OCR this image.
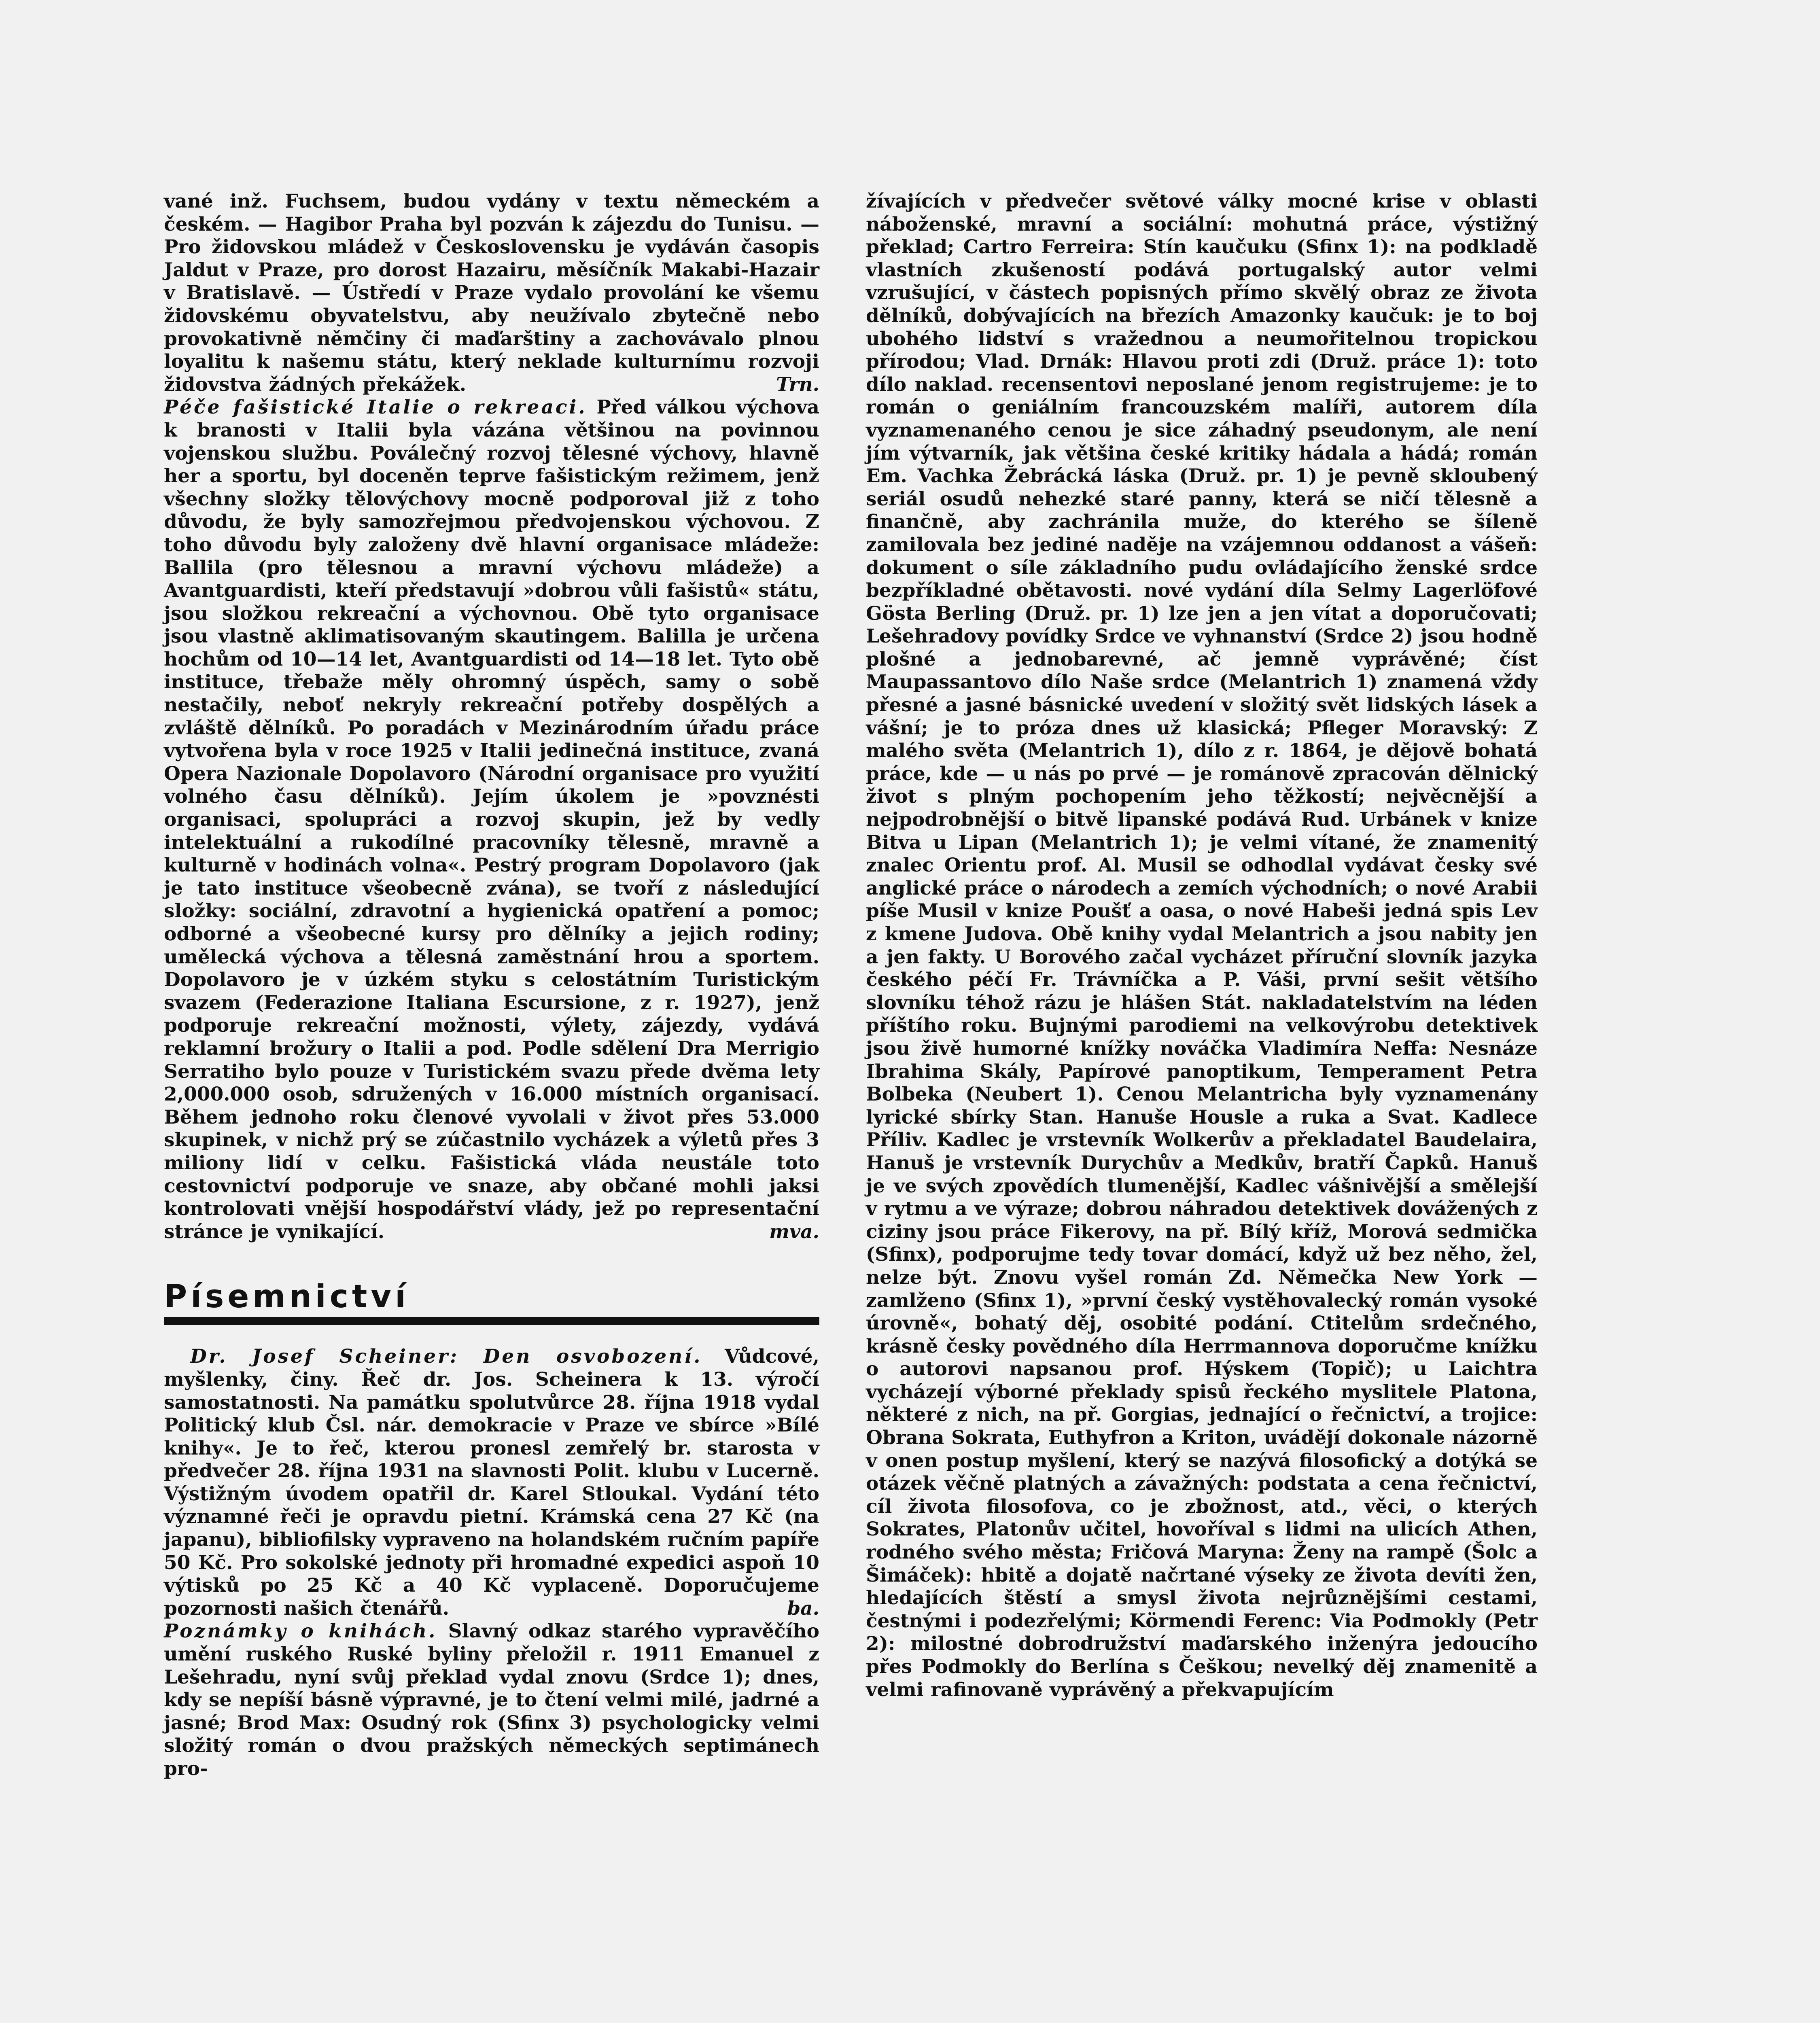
vané inž. Fuchsem, budou vydány v textu německém a českém. — Hagibor Praha byl pozván k zájezdu do Tunisu. — Pro židovskou mládež v Československu je vydáván časopis Jaldut v Praze, pro dorost Hazairu, měsíčník Makabi-Hazair v Bratislavě. — Ústředí v Praze vydalo provolání ke všemu židovskému obyvatelstvu, aby neužívalo zbytečně nebo provokativně němčiny či maďarštiny a zachovávalo plnou loyalitu k našemu státu, který neklade kulturnímu rozvoji židovstva žádných překážek.	Trn.

Péče fašistické Italie o rekreaci. Před válkou výchova k branosti v Italii byla vázána většinou na povinnou vojenskou službu. Poválečný rozvoj tělesné výchovy, hlavně her a sportu, byl doceněn teprve fašistickým režimem, jenž všechny složky tělovýchovy mocně podporoval již z toho důvodu, že byly samozřejmou předvojenskou výchovou. Z toho důvodu byly založeny dvě hlavní organisace mládeže: Ballila (pro tělesnou a mravní výchovu mládeže) a Avantguardisti, kteří představují »dobrou vůli fašistů« státu, jsou složkou rekreační a výchovnou. Obě tyto organisace jsou vlastně aklimatisovaným skautingem. Balilla je určena hochům od 10—14 let, Avantguardisti od 14—18 let. Tyto obě instituce, třebaže měly ohromný úspěch, samy o sobě nestačily, neboť nekryly rekreační potřeby dospělých a zvláště dělníků. Po poradách v Mezinárodním úřadu práce vytvořena byla v roce 1925 v Italii jedinečná instituce, zvaná Opera Nazionale Dopolavoro (Národní organisace pro využití volného času dělníků). Jejím úkolem je »povznésti organisaci, spolupráci a rozvoj skupin, jež by vedly intelektuální a rukodílné pracovníky tělesně, mravně a kulturně v hodinách volna«. Pestrý program Dopolavoro (jak je tato instituce všeobecně zvána), se tvoří z následující složky: sociální, zdravotní a hygienická opatření a pomoc; odborné a všeobecné kursy pro dělníky a jejich rodiny; umělecká výchova a tělesná zaměstnání hrou a sportem. Dopolavoro je v úzkém styku s celostátním Turistickým svazem (Federazione Italiana Escursione, z r. 1927), jenž podporuje rekreační možnosti, výlety, zájezdy, vydává reklamní brožury o Italii a pod. Podle sdělení Dra Merrigio Serratiho bylo pouze v Turistickém svazu přede dvěma lety 2,000.000 osob, sdružených v 16.000 místních organisací. Během jednoho roku členové vyvolali v život přes 53.000 skupinek, v nichž prý se zúčastnilo vycházek a výletů přes 3 miliony lidí v celku. Fašistická vláda neustále toto cestovnictví podporuje ve snaze, aby občané mohli jaksi kontrolovati vnější hospodářství vlády, jež po representační stránce je vynikající.	mva.

Písemnictví

Dr. Josef Scheiner: Den osvobození. Vůdcové, myšlenky, činy. Řeč dr. Jos. Scheinera k 13. výročí samostatnosti. Na památku spolutvůrce 28. října 1918 vydal Politický klub Čsl. nár. demokracie v Praze ve sbírce »Bílé knihy«. Je to řeč, kterou pronesl zemřelý br. starosta v předvečer 28. října 1931 na slavnosti Polit. klubu v Lucerně. Výstižným úvodem opatřil dr. Karel Stloukal. Vydání této významné řeči je opravdu pietní. Krámská cena 27 Kč (na japanu), bibliofilsky vypraveno na holandském ručním papíře 50 Kč. Pro sokolské jednoty při hromadné expedici aspoň 10 výtisků po 25 Kč a 40 Kč vyplaceně. Doporučujeme pozornosti našich čtenářů.	ba.

Poznámky o knihách. Slavný odkaz starého vypravěčího umění ruského Ruské byliny přeložil r. 1911 Emanuel z Lešehradu, nyní svůj překlad vydal znovu (Srdce 1); dnes, kdy se nepíší básně výpravné, je to čtení velmi milé, jadrné a jasné; Brod Max: Osudný rok (Sfinx 3) psychologicky velmi složitý román o dvou pražských německých septimánech pro-

žívajících v předvečer světové války mocné krise v oblasti náboženské, mravní a sociální: mohutná práce, výstižný překlad; Cartro Ferreira: Stín kaučuku (Sfinx 1): na podkladě vlastních zkušeností podává portugalský autor velmi vzrušující, v částech popisných přímo skvělý obraz ze života dělníků, dobývajících na březích Amazonky kaučuk: je to boj ubohého lidství s vražednou a neumořitelnou tropickou přírodou; Vlad. Drnák: Hlavou proti zdi (Druž. práce 1): toto dílo naklad. recensentovi neposlané jenom registrujeme: je to román o geniálním francouzském malíři, autorem díla vyznamenaného cenou je sice záhadný pseudonym, ale není jím výtvarník, jak většina české kritiky hádala a hádá; román Em. Vachka Žebrácká láska (Druž. pr. 1) je pevně skloubený seriál osudů nehezké staré panny, která se ničí tělesně a finančně, aby zachránila muže, do kterého se šíleně zamilovala bez jediné naděje na vzájemnou oddanost a vášeň: dokument o síle základního pudu ovládajícího ženské srdce bezpříkladné obětavosti. nové vydání díla Selmy Lagerlöfové Gösta Berling (Druž. pr. 1) lze jen a jen vítat a doporučovati; Lešehradovy povídky Srdce ve vyhnanství (Srdce 2) jsou hodně plošné a jednobarevné, ač jemně vyprávěné; číst Maupassantovo dílo Naše srdce (Melantrich 1) znamená vždy přesné a jasné básnické uvedení v složitý svět lidských lásek a vášní; je to próza dnes už klasická; Pfleger Moravský: Z malého světa (Melantrich 1), dílo z r. 1864, je dějově bohatá práce, kde — u nás po prvé — je románově zpracován dělnický život s plným pochopením jeho těžkostí; nejvěcnější a nejpodrobnější o bitvě lipanské podává Rud. Urbánek v knize Bitva u Lipan (Melantrich 1); je velmi vítané, že znamenitý znalec Orientu prof. Al. Musil se odhodlal vydávat česky své anglické práce o národech a zemích východních; o nové Arabii píše Musil v knize Poušť a oasa, o nové Habeši jedná spis Lev z kmene Judova. Obě knihy vydal Melantrich a jsou nabity jen a jen fakty. U Borového začal vycházet příruční slovník jazyka českého péčí Fr. Trávníčka a P. Váši, první sešit většího slovníku téhož rázu je hlášen Stát. nakladatelstvím na léden příštího roku. Bujnými parodiemi na velkovýrobu detektivek jsou živě humorné knížky nováčka Vladimíra Neffa: Nesnáze Ibrahima Skály, Papírové panoptikum, Temperament Petra Bolbeka (Neubert 1). Cenou Melantricha byly vyznamenány lyrické sbírky Stan. Hanuše Housle a ruka a Svat. Kadlece Příliv. Kadlec je vrstevník Wolkerův a překladatel Baudelaira, Hanuš je vrstevník Durychův a Medkův, bratří Čapků. Hanuš je ve svých zpovědích tlumenější, Kadlec vášnivější a smělejší v rytmu a ve výraze; dobrou náhradou detektivek dovážených z ciziny jsou práce Fikerovy, na př. Bílý kříž, Morová sedmička (Sfinx), podporujme tedy tovar domácí, když už bez něho, žel, nelze být. Znovu vyšel román Zd. Němečka New York — zamlženo (Sfinx 1), »první český vystěhovalecký román vysoké úrovně«, bohatý děj, osobité podání. Ctitelům srdečného, krásně česky povědného díla Herrmannova doporučme knížku o autorovi napsanou prof. Hýskem (Topič); u Laichtra vycházejí výborné překlady spisů řeckého myslitele Platona, některé z nich, na př. Gorgias, jednající o řečnictví, a trojice: Obrana Sokrata, Euthyfron a Kriton, uvádějí dokonale názorně v onen postup myšlení, který se nazývá filosofický a dotýká se otázek věčně platných a závažných: podstata a cena řečnictví, cíl života filosofova, co je zbožnost, atd., věci, o kterých Sokrates, Platonův učitel, hovoříval s lidmi na ulicích Athen, rodného svého města; Fričová Maryna: Ženy na rampě (Šolc a Šimáček): hbitě a dojatě načrtané výseky ze života devíti žen, hledajících štěstí a smysl života nejrůznějšími cestami, čestnými i podezřelými; Körmendi Ferenc: Via Podmokly (Petr 2): milostné dobrodružství maďarského inženýra jedoucího přes Podmokly do Berlína s Češkou; nevelký děj znamenitě a velmi rafinovaně vyprávěný a překvapujícím
